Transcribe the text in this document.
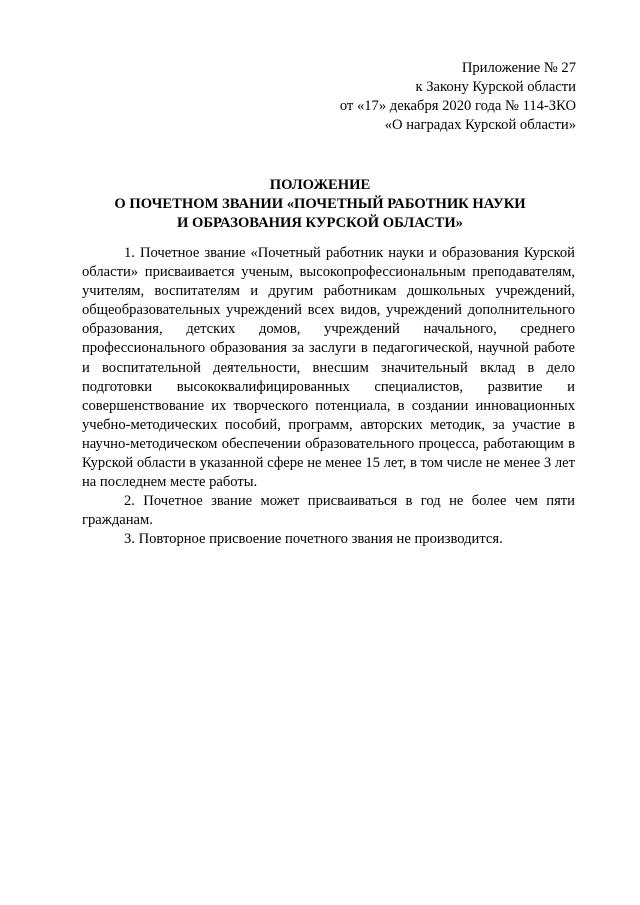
Приложение № 27
к Закону Курской области
от «17» декабря 2020 года № 114-ЗКО
«О наградах Курской области»
ПОЛОЖЕНИЕ
О ПОЧЕТНОМ ЗВАНИИ «ПОЧЕТНЫЙ РАБОТНИК НАУКИ
И ОБРАЗОВАНИЯ КУРСКОЙ ОБЛАСТИ»

1. Почетное звание «Почетный работник науки и образования Курской области» присваивается ученым, высокопрофессиональным преподавателям, учителям, воспитателям и другим работникам дошкольных учреждений, общеобразовательных учреждений всех видов, учреждений дополнительного образования, детских домов, учреждений начального, среднего профессионального образования за заслуги в педагогической, научной работе и воспитательной деятельности, внесшим значительный вклад в дело подготовки высококвалифицированных специалистов, развитие и совершенствование их творческого потенциала, в создании инновационных учебно-методических пособий, программ, авторских методик, за участие в научно-методическом обеспечении образовательного процесса, работающим в Курской области в указанной сфере не менее 15 лет, в том числе не менее 3 лет на последнем месте работы.

2. Почетное звание может присваиваться в год не более чем пяти гражданам.

3. Повторное присвоение почетного звания не производится.
